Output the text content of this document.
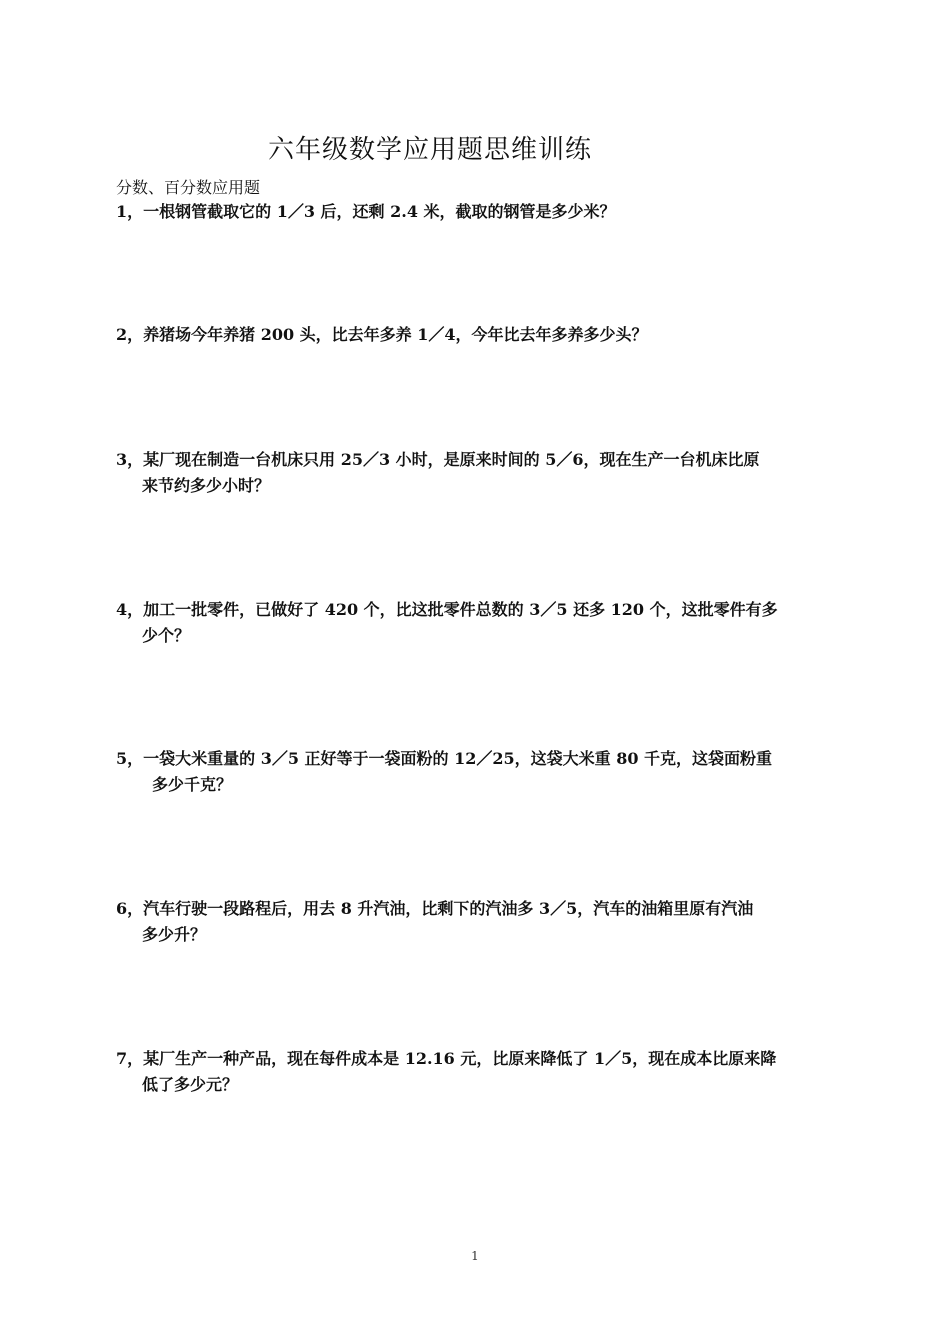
六年级数学应用题思维训练
分数、百分数应用题

1，一根钢管截取它的 1／3 后，还剩 2.4 米，截取的钢管是多少米？

2，养猪场今年养猪 200 头，比去年多养 1／4，今年比去年多养多少头？

3，某厂现在制造一台机床只用 25／3 小时，是原来时间的 5／6，现在生产一台机床比原
来节约多少小时？

4，加工一批零件，已做好了 420 个，比这批零件总数的 3／5 还多 120 个，这批零件有多
少个？

5，一袋大米重量的 3／5 正好等于一袋面粉的 12／25，这袋大米重 80 千克，这袋面粉重
多少千克？

6，汽车行驶一段路程后，用去 8 升汽油，比剩下的汽油多 3／5，汽车的油箱里原有汽油
多少升？

7，某厂生产一种产品，现在每件成本是 12.16 元，比原来降低了 1／5，现在成本比原来降
低了多少元？

1
